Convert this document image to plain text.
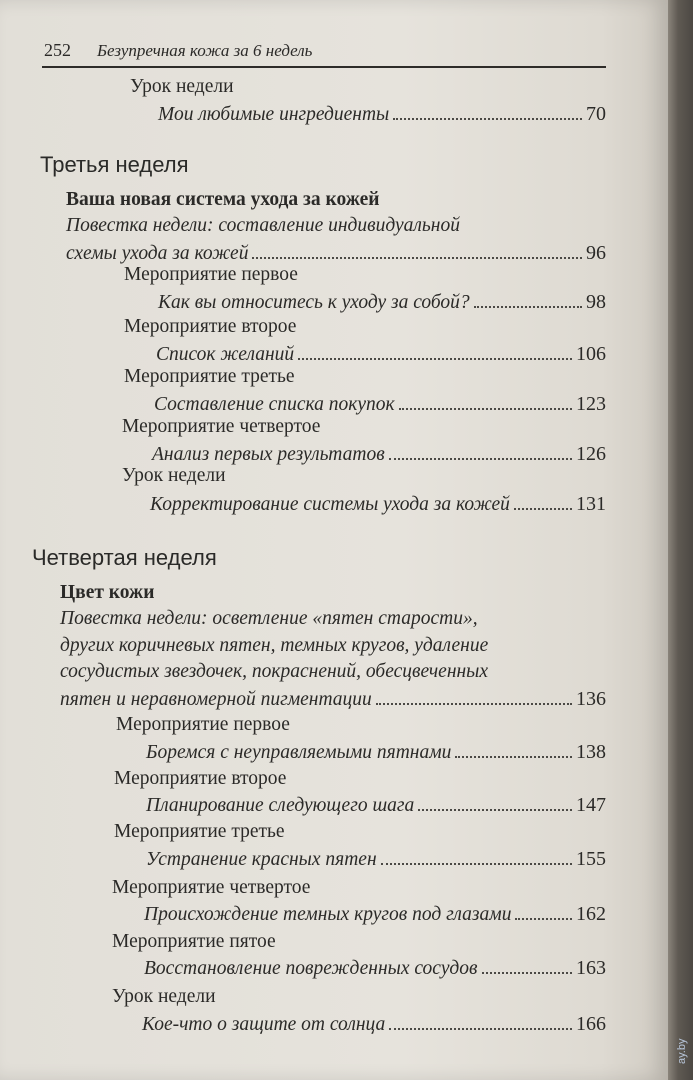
252 Безупречная кожа за 6 недель
Урок недели
Мои любимые ингредиенты	70
Третья неделя
Ваша новая система ухода за кожей
Повестка недели: составление индивидуальной
схемы ухода за кожей	96
Мероприятие первое
Как вы относитесь к уходу за собой?	98
Мероприятие второе
Список желаний	106
Мероприятие третье
Составление списка покупок	123
Мероприятие четвертое
Анализ первых результатов	126
Урок недели
Корректирование системы ухода за кожей	131
Четвертая неделя
Цвет кожи
Повестка недели: осветление «пятен старости»,
других коричневых пятен, темных кругов, удаление
сосудистых звездочек, покраснений, обесцвеченных
пятен и неравномерной пигментации	136
Мероприятие первое
Боремся с неуправляемыми пятнами	138
Мероприятие второе
Планирование следующего шага	147
Мероприятие третье
Устранение красных пятен	155
Мероприятие четвертое
Происхождение темных кругов под глазами	162
Мероприятие пятое
Восстановление поврежденных сосудов	163
Урок недели
Кое-что о защите от солнца	166
ay.by
